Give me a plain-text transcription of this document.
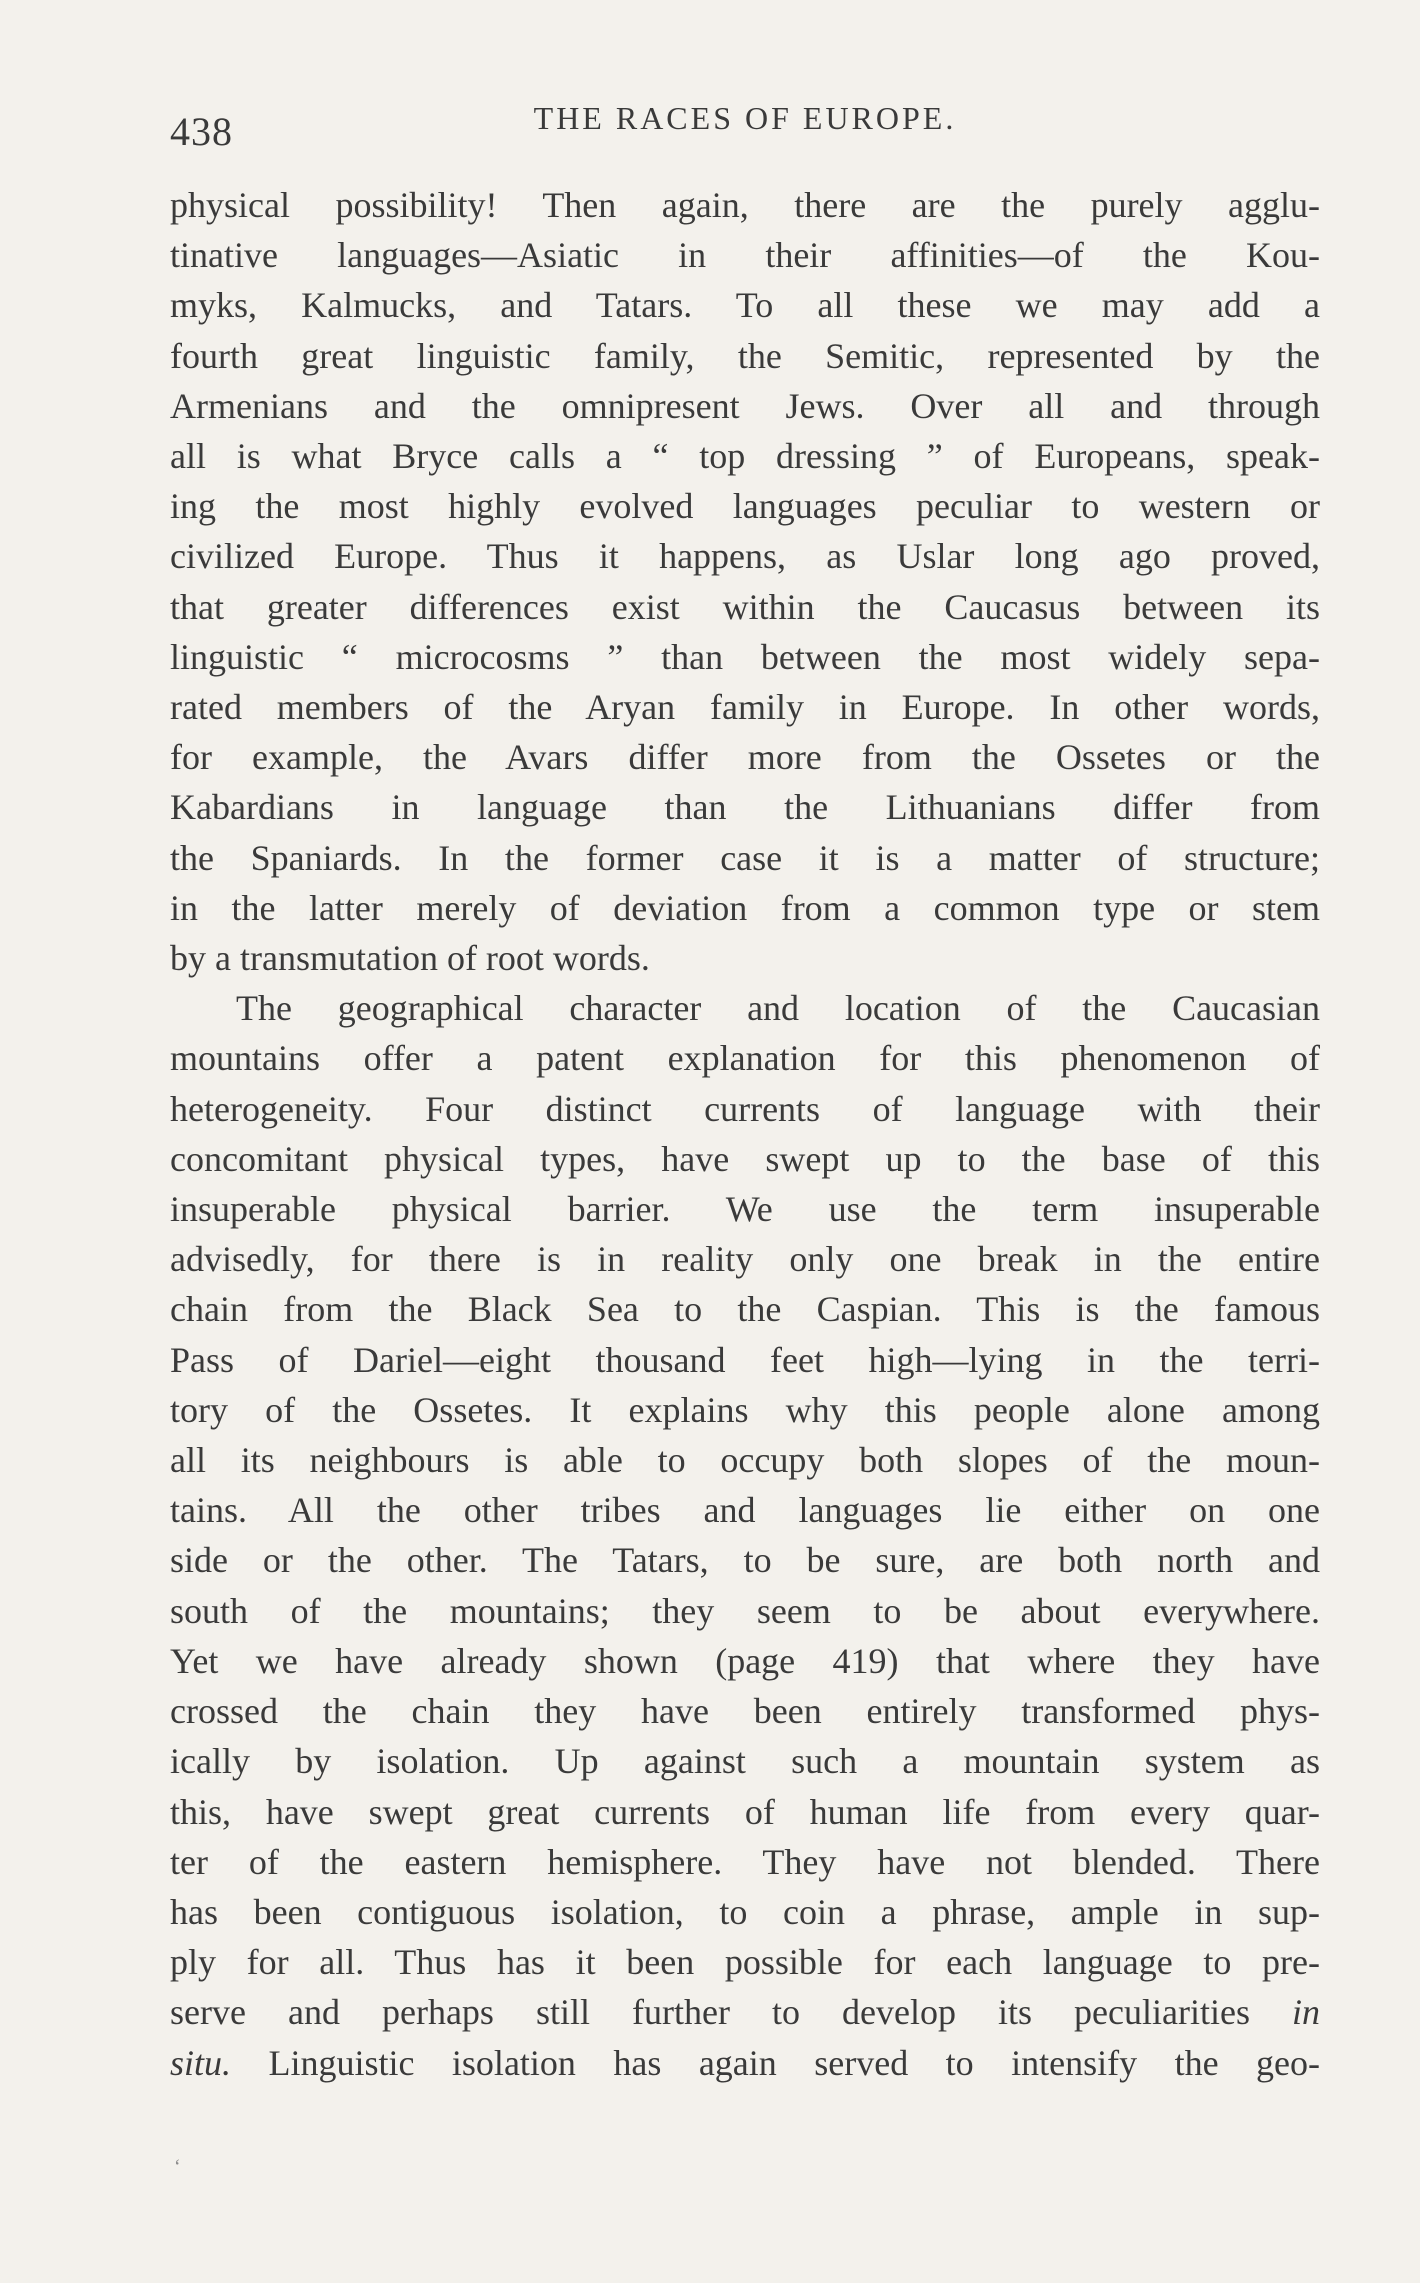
438	THE RACES OF EUROPE.
physical possibility! Then again, there are the purely agglu-
tinative languages—Asiatic in their affinities—of the Kou-
myks, Kalmucks, and Tatars. To all these we may add a
fourth great linguistic family, the Semitic, represented by the
Armenians and the omnipresent Jews. Over all and through
all is what Bryce calls a “ top dressing ” of Europeans, speak-
ing the most highly evolved languages peculiar to western or
civilized Europe. Thus it happens, as Uslar long ago proved,
that greater differences exist within the Caucasus between its
linguistic “ microcosms ” than between the most widely sepa-
rated members of the Aryan family in Europe. In other words,
for example, the Avars differ more from the Ossetes or the
Kabardians in language than the Lithuanians differ from
the Spaniards. In the former case it is a matter of structure;
in the latter merely of deviation from a common type or stem
by a transmutation of root words.
The geographical character and location of the Caucasian
mountains offer a patent explanation for this phenomenon of
heterogeneity. Four distinct currents of language with their
concomitant physical types, have swept up to the base of this
insuperable physical barrier. We use the term insuperable
advisedly, for there is in reality only one break in the entire
chain from the Black Sea to the Caspian. This is the famous
Pass of Dariel—eight thousand feet high—lying in the terri-
tory of the Ossetes. It explains why this people alone among
all its neighbours is able to occupy both slopes of the moun-
tains. All the other tribes and languages lie either on one
side or the other. The Tatars, to be sure, are both north and
south of the mountains; they seem to be about everywhere.
Yet we have already shown (page 419) that where they have
crossed the chain they have been entirely transformed phys-
ically by isolation. Up against such a mountain system as
this, have swept great currents of human life from every quar-
ter of the eastern hemisphere. They have not blended. There
has been contiguous isolation, to coin a phrase, ample in sup-
ply for all. Thus has it been possible for each language to pre-
serve and perhaps still further to develop its peculiarities in
situ. Linguistic isolation has again served to intensify the geo-
ʻ
